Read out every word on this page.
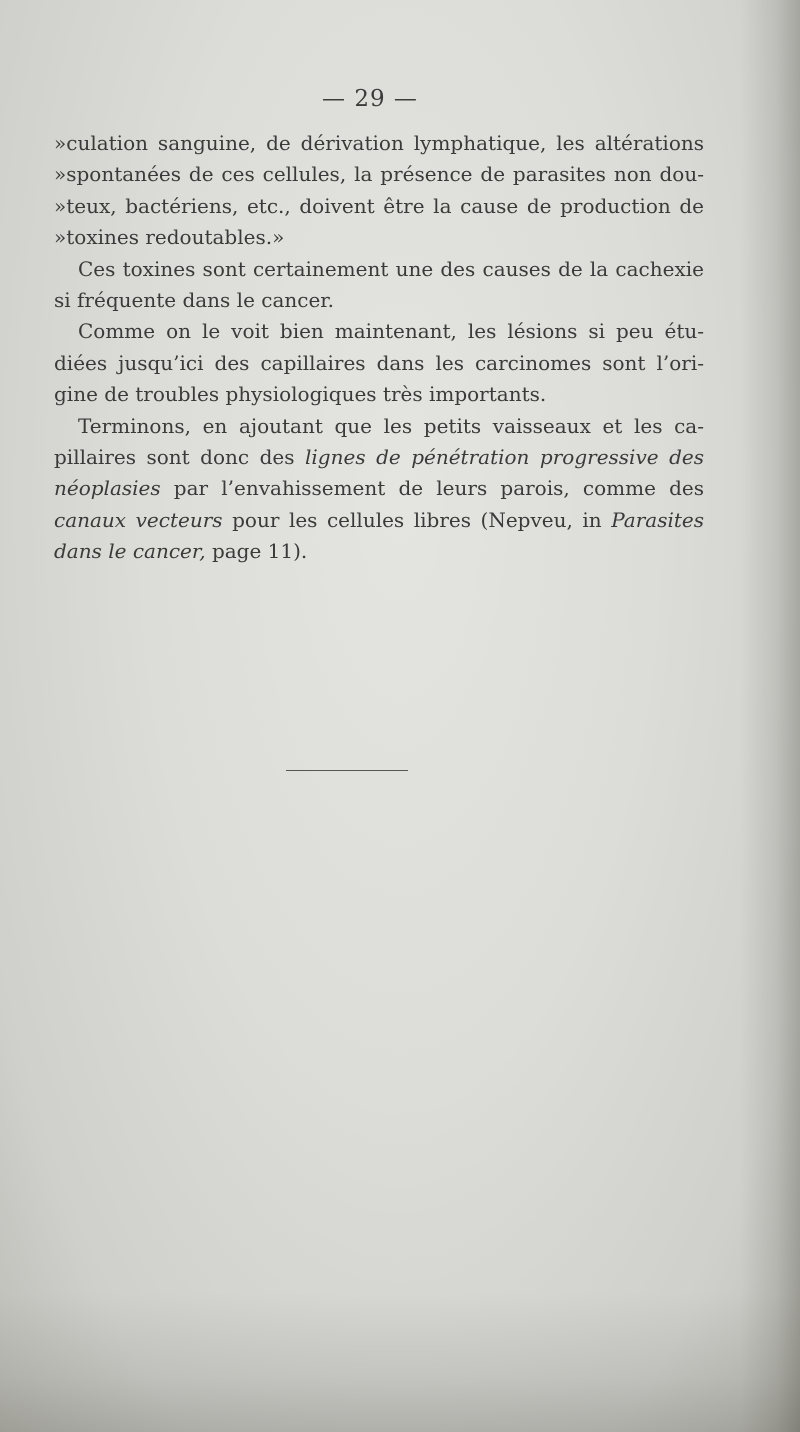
— 29 —

»culation sanguine, de dérivation lymphatique, les altérations
»spontanées de ces cellules, la présence de parasites non dou-
»teux, bactériens, etc., doivent être la cause de production de
»toxines redoutables.»

Ces toxines sont certainement une des causes de la cachexie
si fréquente dans le cancer.

Comme on le voit bien maintenant, les lésions si peu étu-
diées jusqu’ici des capillaires dans les carcinomes sont l’ori-
gine de troubles physiologiques très importants.

Terminons, en ajoutant que les petits vaisseaux et les ca-
pillaires sont donc des lignes de pénétration progressive des
néoplasies par l’envahissement de leurs parois, comme des
canaux vecteurs pour les cellules libres (Nepveu, in Parasites
dans le cancer, page 11).
